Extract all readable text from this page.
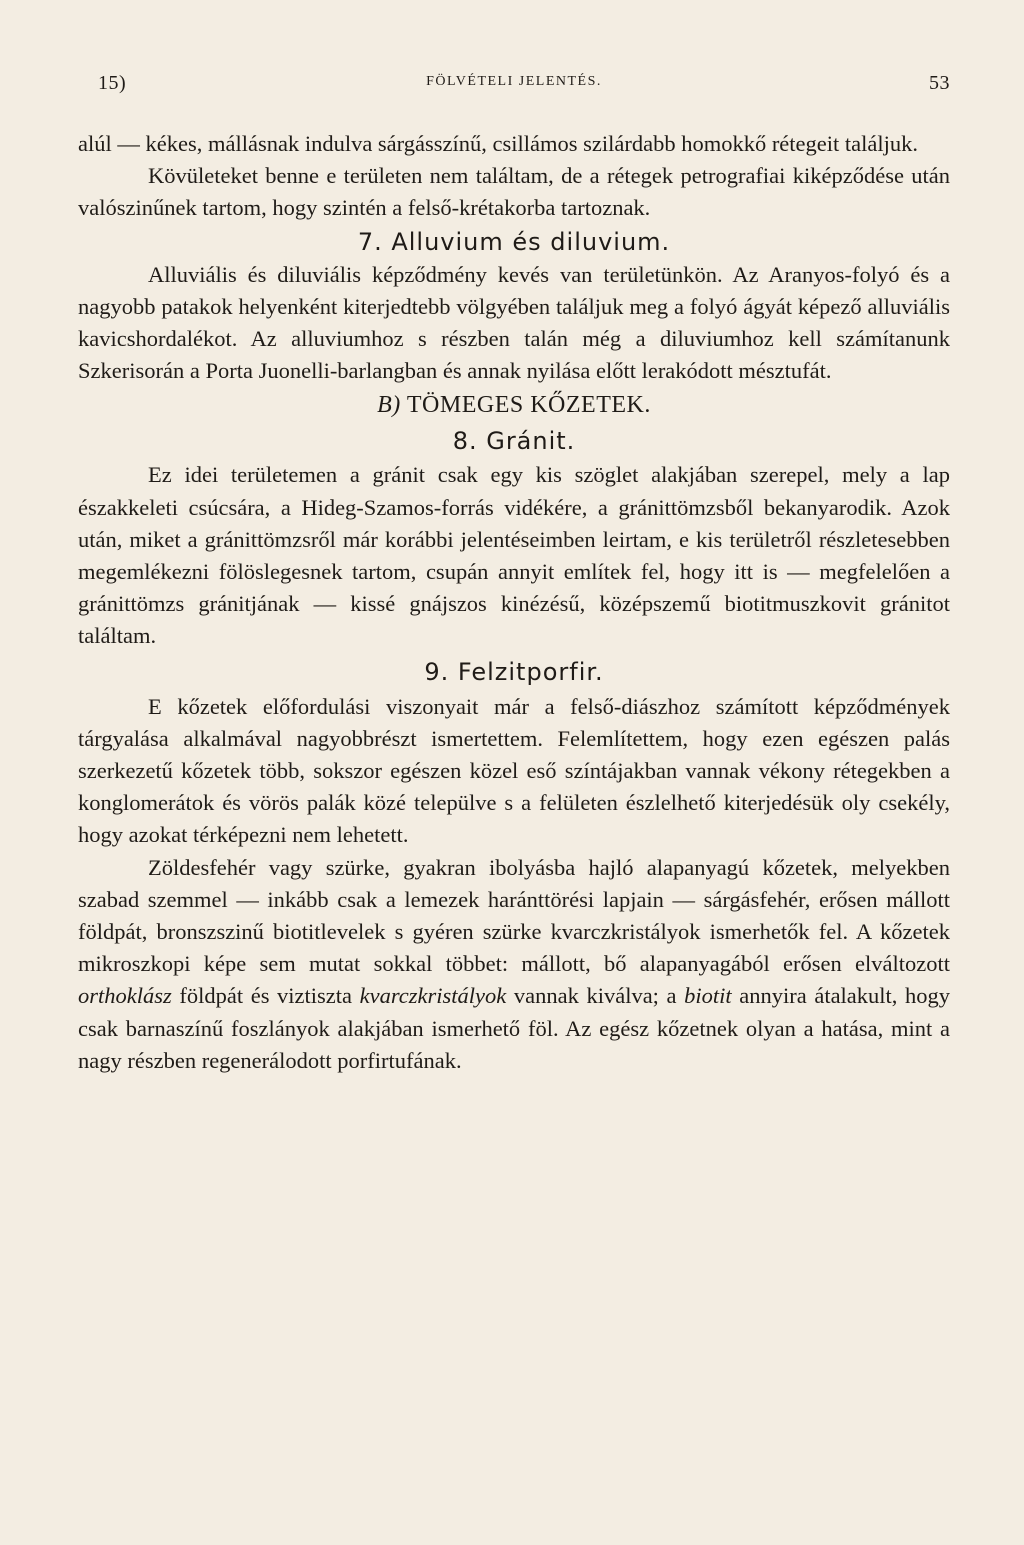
15)	FÖLVÉTELI JELENTÉS.	53

alúl — kékes, mállásnak indulva sárgásszínű, csillámos szilárdabb homokkő rétegeit találjuk.

Kövületeket benne e területen nem találtam, de a rétegek petrografiai kiképződése után valószinűnek tartom, hogy szintén a felső-krétakorba tartoznak.

7. Alluvium és diluvium.

Alluviális és diluviális képződmény kevés van területünkön. Az Aranyos-folyó és a nagyobb patakok helyenként kiterjedtebb völgyében találjuk meg a folyó ágyát képező alluviális kavicshordalékot. Az alluviumhoz s részben talán még a diluviumhoz kell számítanunk Szkerisorán a Porta Juonelli-barlangban és annak nyilása előtt lerakódott mésztufát.

B) TÖMEGES KŐZETEK.
8. Gránit.

Ez idei területemen a gránit csak egy kis szöglet alakjában szerepel, mely a lap északkeleti csúcsára, a Hideg-Szamos-forrás vidékére, a gránittömzsből bekanyarodik. Azok után, miket a gránittömzsről már korábbi jelentéseimben leirtam, e kis területről részletesebben megemlékezni fölöslegesnek tartom, csupán annyit említek fel, hogy itt is — megfelelően a gránittömzs gránitjának — kissé gnájszos kinézésű, középszemű biotitmuszkovit gránitot találtam.

9. Felzitporfir.

E kőzetek előfordulási viszonyait már a felső-diászhoz számított képződmények tárgyalása alkalmával nagyobbrészt ismertettem. Felemlítettem, hogy ezen egészen palás szerkezetű kőzetek több, sokszor egészen közel eső színtájakban vannak vékony rétegekben a konglomerátok és vörös palák közé települve s a felületen észlelhető kiterjedésük oly csekély, hogy azokat térképezni nem lehetett.

Zöldesfehér vagy szürke, gyakran ibolyásba hajló alapanyagú kőzetek, melyekben szabad szemmel — inkább csak a lemezek haránttörési lapjain — sárgásfehér, erősen mállott földpát, bronszszinű biotitlevelek s gyéren szürke kvarczkristályok ismerhetők fel. A kőzetek mikroszkopi képe sem mutat sokkal többet: mállott, bő alapanyagából erősen elváltozott orthoklász földpát és viztiszta kvarczkristályok vannak kiválva; a biotit annyira átalakult, hogy csak barnaszínű foszlányok alakjában ismerhető föl. Az egész kőzetnek olyan a hatása, mint a nagy részben regenerálodott porfirtufának.
